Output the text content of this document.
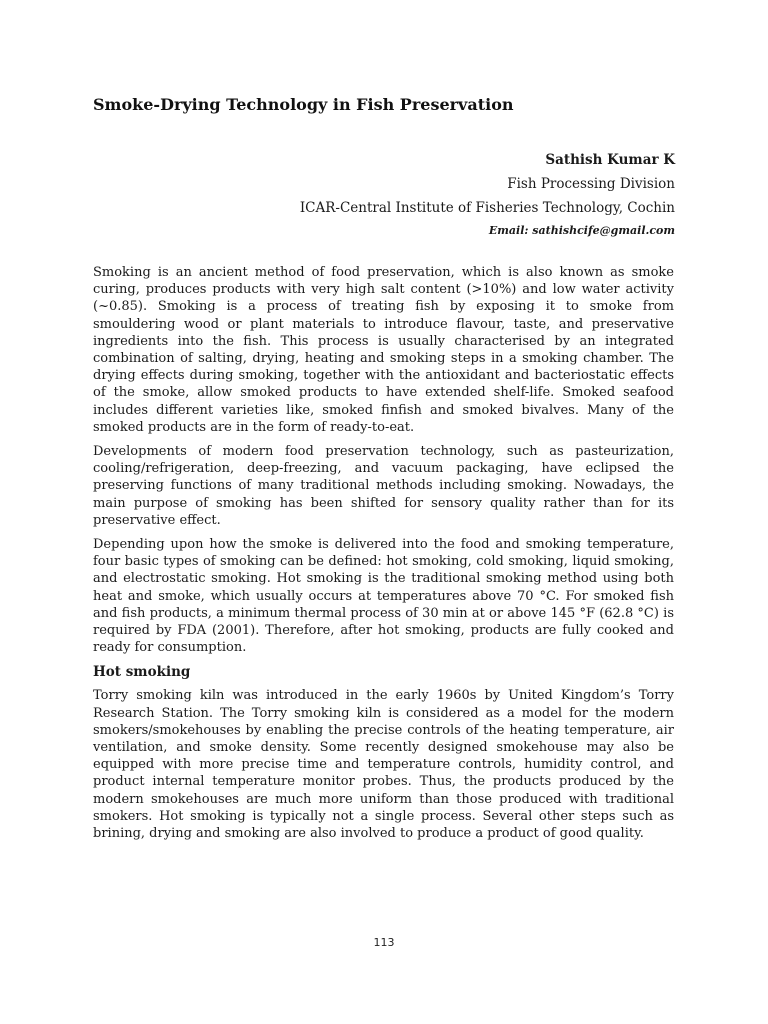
Smoke-Drying Technology in Fish Preservation
Sathish Kumar K
Fish Processing Division
ICAR-Central Institute of Fisheries Technology, Cochin
Email: sathishcife@gmail.com

Smoking is an ancient method of food preservation, which is also known as smoke curing, produces products with very high salt content (>10%) and low water activity (~0.85). Smoking is a process of treating fish by exposing it to smoke from smouldering wood or plant materials to introduce flavour, taste, and preservative ingredients into the fish. This process is usually characterised by an integrated combination of salting, drying, heating and smoking steps in a smoking chamber. The drying effects during smoking, together with the antioxidant and bacteriostatic effects of the smoke, allow smoked products to have extended shelf-life. Smoked seafood includes different varieties like, smoked finfish and smoked bivalves. Many of the smoked products are in the form of ready-to-eat.

Developments of modern food preservation technology, such as pasteurization, cooling/refrigeration, deep-freezing, and vacuum packaging, have eclipsed the preserving functions of many traditional methods including smoking. Nowadays, the main purpose of smoking has been shifted for sensory quality rather than for its preservative effect.

Depending upon how the smoke is delivered into the food and smoking temperature, four basic types of smoking can be defined: hot smoking, cold smoking, liquid smoking, and electrostatic smoking. Hot smoking is the traditional smoking method using both heat and smoke, which usually occurs at temperatures above 70 °C. For smoked fish and fish products, a minimum thermal process of 30 min at or above 145 °F (62.8 °C) is required by FDA (2001). Therefore, after hot smoking, products are fully cooked and ready for consumption.

Hot smoking

Torry smoking kiln was introduced in the early 1960s by United Kingdom’s Torry Research Station. The Torry smoking kiln is considered as a model for the modern smokers/smokehouses by enabling the precise controls of the heating temperature, air ventilation, and smoke density. Some recently designed smokehouse may also be equipped with more precise time and temperature controls, humidity control, and product internal temperature monitor probes. Thus, the products produced by the modern smokehouses are much more uniform than those produced with traditional smokers. Hot smoking is typically not a single process. Several other steps such as brining, drying and smoking are also involved to produce a product of good quality.

113
